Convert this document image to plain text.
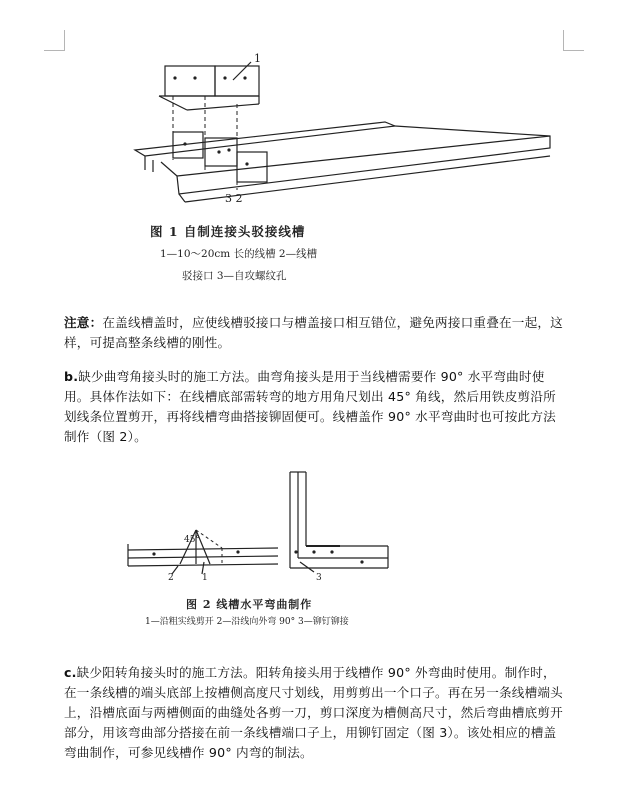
1
3 2
图 1 自制连接头驳接线槽
1—10～20cm 长的线槽 2—线槽
驳接口 3—自攻螺纹孔
注意：在盖线槽盖时，应使线槽驳接口与槽盖接口相互错位，避免两接口重叠在一起，这样，可提高整条线槽的刚性。
b.缺少曲弯角接头时的施工方法。曲弯角接头是用于当线槽需要作 90° 水平弯曲时使用。具体作法如下：在线槽底部需转弯的地方用角尺划出 45° 角线，然后用铁皮剪沿所划线条位置剪开，再将线槽弯曲搭接铆固便可。线槽盖作 90° 水平弯曲时也可按此方法制作（图 2）。
45°
2	1	3
图 2 线槽水平弯曲制作
1—沿粗实线剪开 2—沿线向外弯 90° 3—铆钉铆接
c.缺少阳转角接头时的施工方法。阳转角接头用于线槽作 90° 外弯曲时使用。制作时，在一条线槽的端头底部上按槽侧高度尺寸划线，用剪剪出一个口子。再在另一条线槽端头上，沿槽底面与两槽侧面的曲缝处各剪一刀，剪口深度为槽侧高尺寸，然后弯曲槽底剪开部分，用该弯曲部分搭接在前一条线槽端口子上，用铆钉固定（图 3）。该处相应的槽盖弯曲制作，可参见线槽作 90° 内弯的制法。
